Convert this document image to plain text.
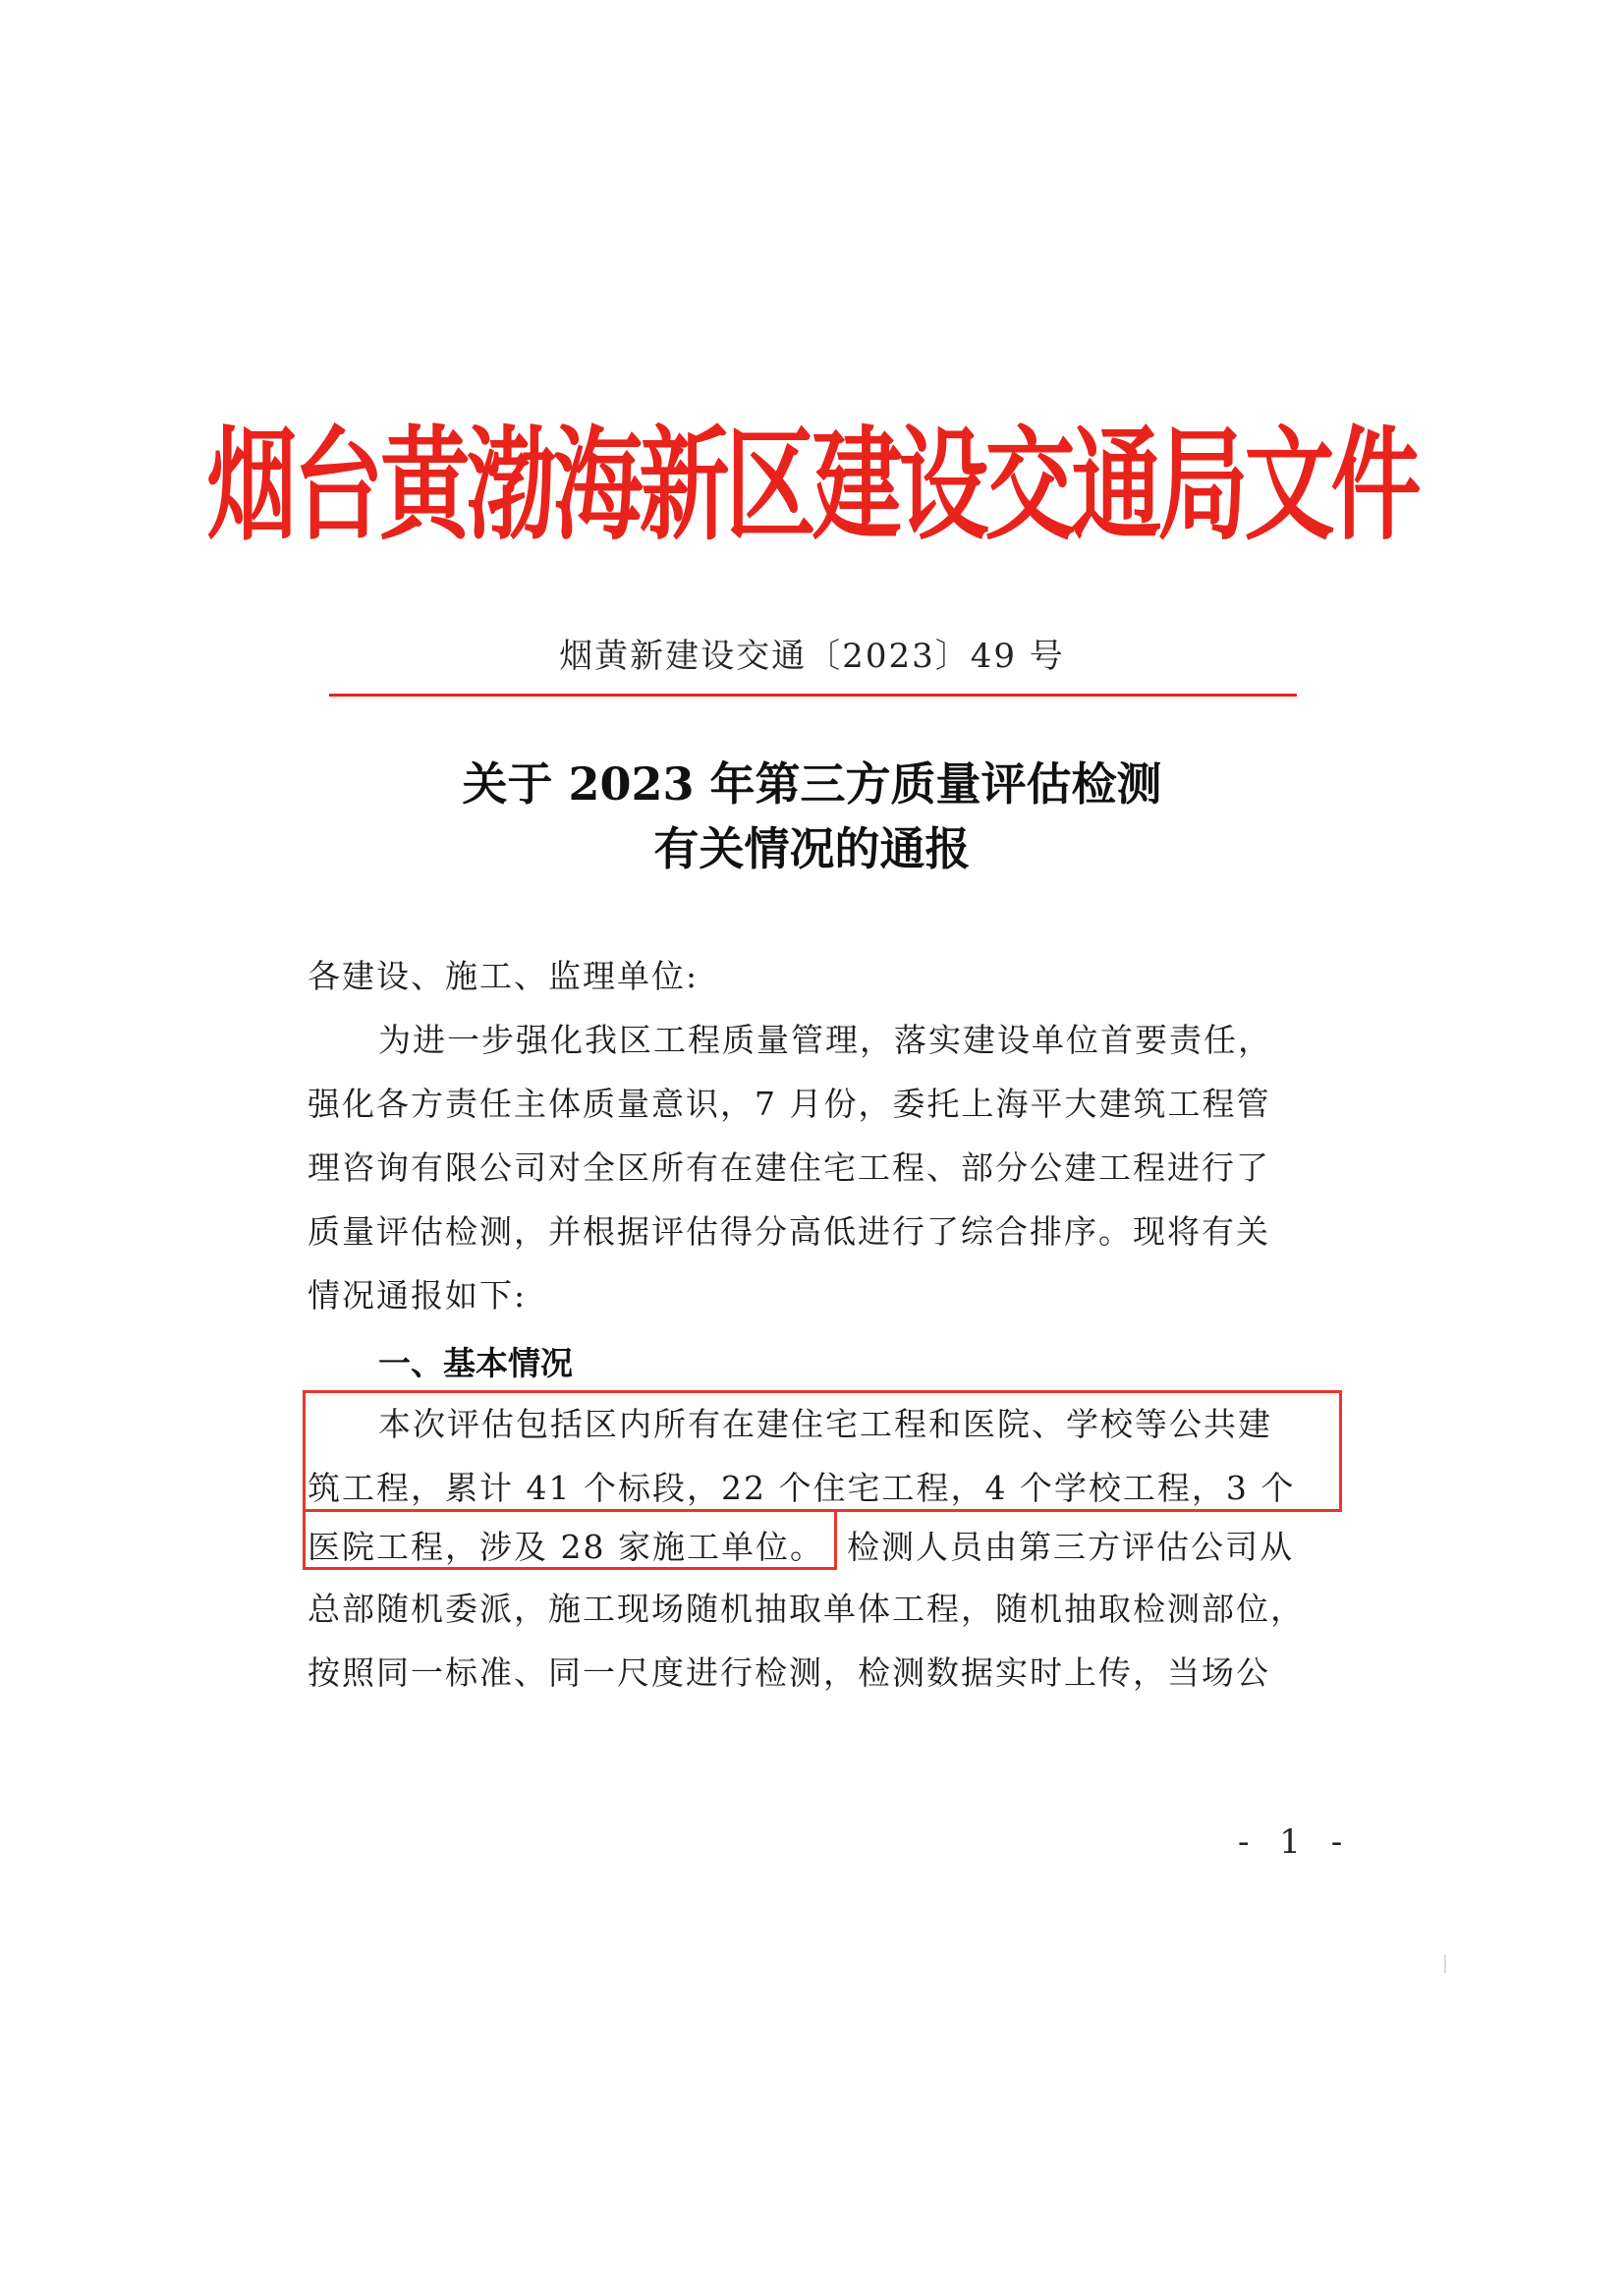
烟台黄渤海新区建设交通局文件
烟黄新建设交通〔2023〕49 号
关于 2023 年第三方质量评估检测
有关情况的通报
各建设、施工、监理单位:
为进一步强化我区工程质量管理，落实建设单位首要责任，
强化各方责任主体质量意识，7 月份，委托上海平大建筑工程管
理咨询有限公司对全区所有在建住宅工程、部分公建工程进行了
质量评估检测，并根据评估得分高低进行了综合排序。现将有关
情况通报如下:
一、基本情况
本次评估包括区内所有在建住宅工程和医院、学校等公共建
筑工程，累计 41 个标段，22 个住宅工程，4 个学校工程，3 个
医院工程，涉及 28 家施工单位。 检测人员由第三方评估公司从
总部随机委派，施工现场随机抽取单体工程，随机抽取检测部位，
按照同一标准、同一尺度进行检测，检测数据实时上传，当场公
- 1 -
